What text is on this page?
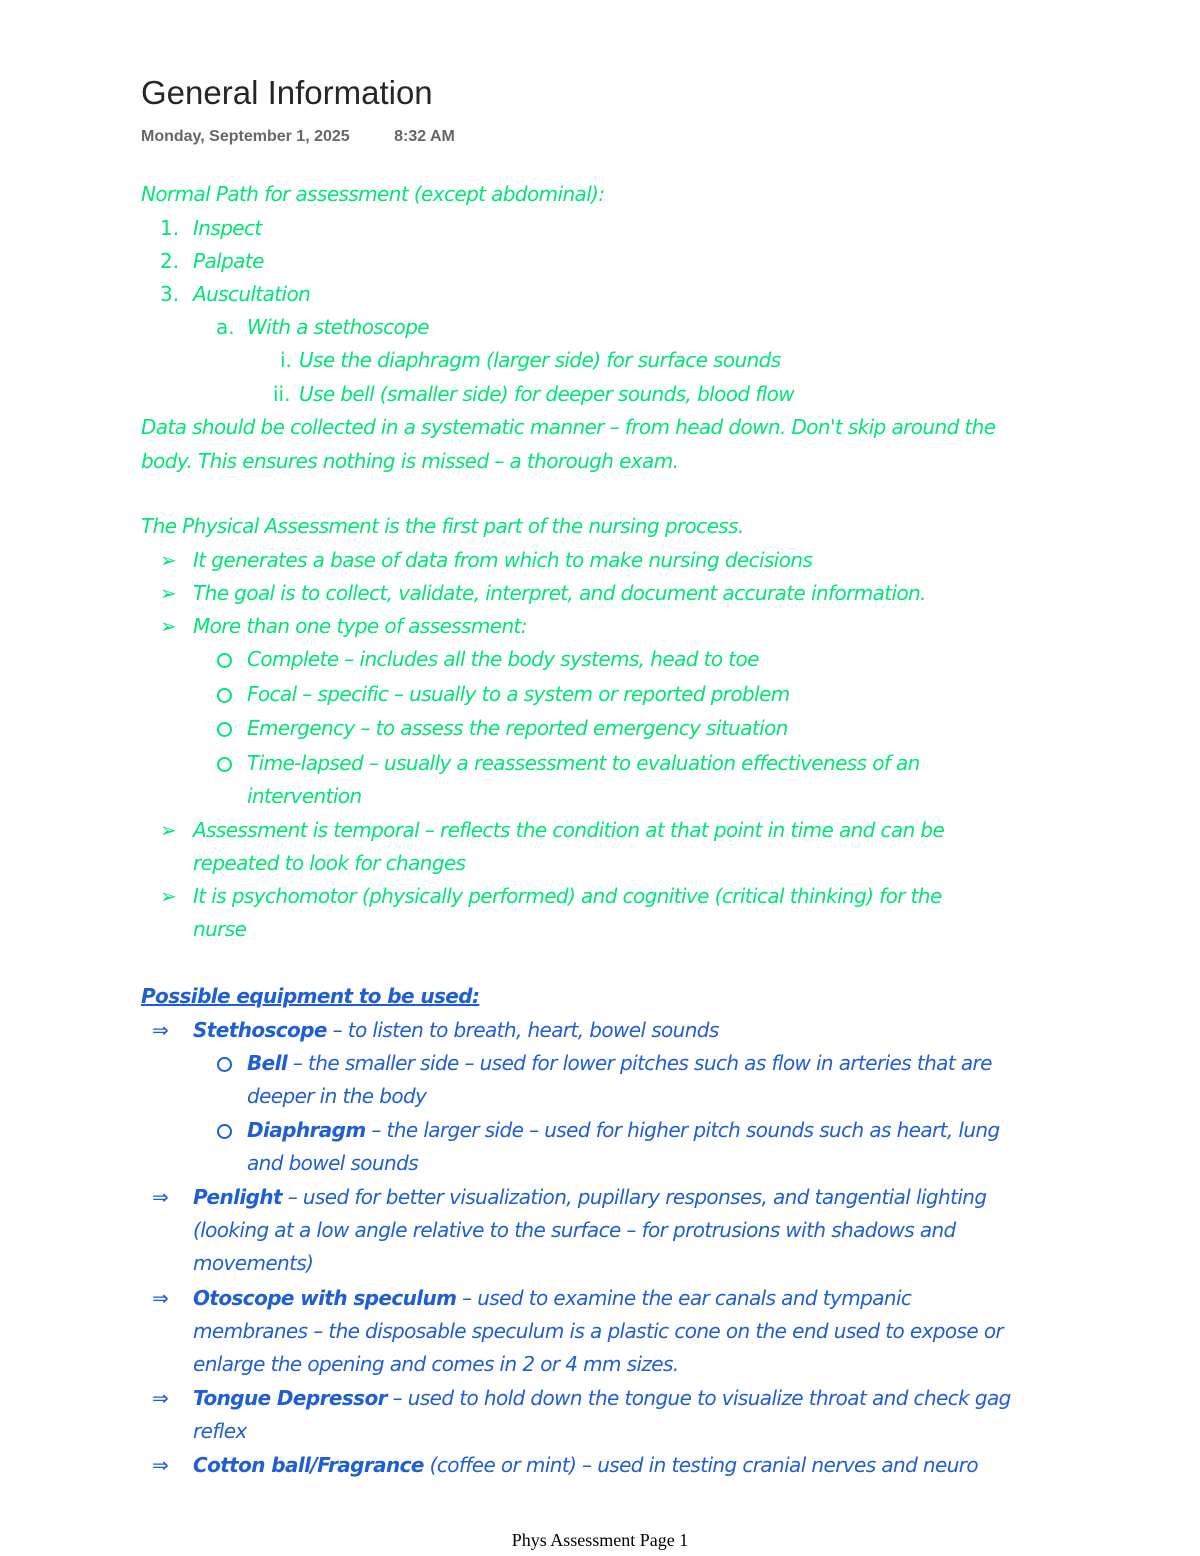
General Information
Monday, September 1, 2025	8:32 AM
Normal Path for assessment (except abdominal):
1. Inspect
2. Palpate
3. Auscultation
a. With a stethoscope
i. Use the diaphragm (larger side) for surface sounds
ii. Use bell (smaller side) for deeper sounds, blood flow
Data should be collected in a systematic manner – from head down. Don't skip around the
body. This ensures nothing is missed – a thorough exam.
The Physical Assessment is the first part of the nursing process.
➢ It generates a base of data from which to make nursing decisions
➢ The goal is to collect, validate, interpret, and document accurate information.
➢ More than one type of assessment:
Complete – includes all the body systems, head to toe
Focal – specific – usually to a system or reported problem
Emergency – to assess the reported emergency situation
Time-lapsed – usually a reassessment to evaluation effectiveness of an
intervention
➢ Assessment is temporal – reflects the condition at that point in time and can be
repeated to look for changes
➢ It is psychomotor (physically performed) and cognitive (critical thinking) for the
nurse
Possible equipment to be used:
⇒ Stethoscope – to listen to breath, heart, bowel sounds
Bell – the smaller side – used for lower pitches such as flow in arteries that are
deeper in the body
Diaphragm – the larger side – used for higher pitch sounds such as heart, lung
and bowel sounds
⇒ Penlight – used for better visualization, pupillary responses, and tangential lighting
(looking at a low angle relative to the surface – for protrusions with shadows and
movements)
⇒ Otoscope with speculum – used to examine the ear canals and tympanic
membranes – the disposable speculum is a plastic cone on the end used to expose or
enlarge the opening and comes in 2 or 4 mm sizes.
⇒ Tongue Depressor – used to hold down the tongue to visualize throat and check gag
reflex
⇒ Cotton ball/Fragrance (coffee or mint) – used in testing cranial nerves and neuro
Phys Assessment Page 1
